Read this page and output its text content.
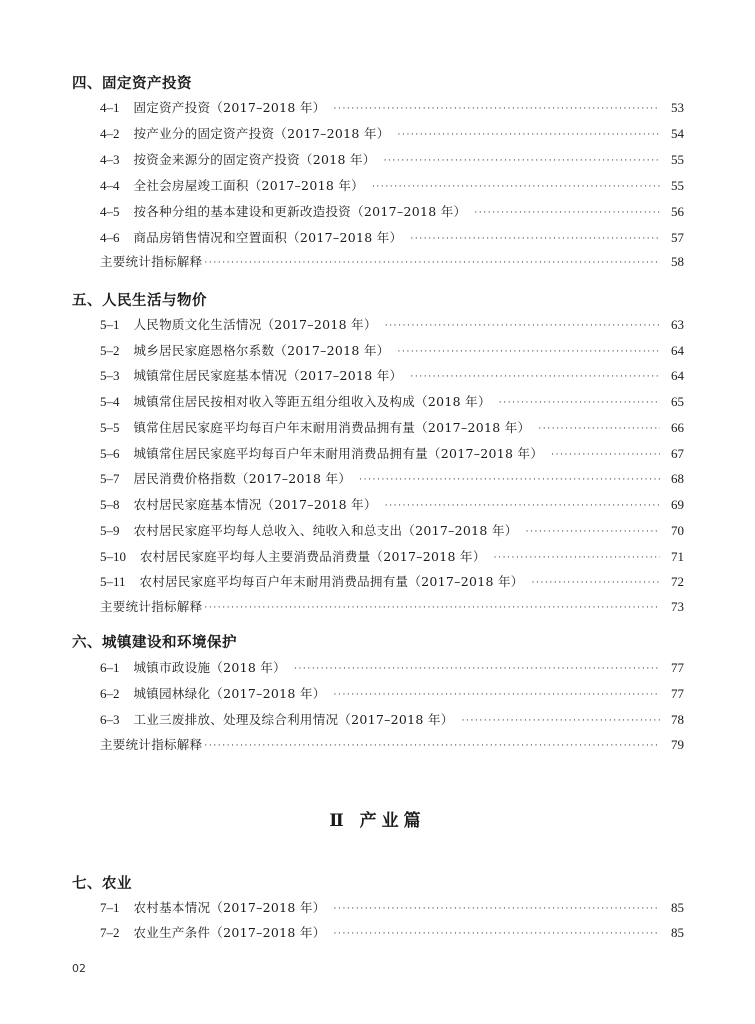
四、固定资产投资
4–1	固定资产投资（2017–2018 年） ·····	53
4–2	按产业分的固定资产投资（2017–2018 年） ·····	54
4–3	按资金来源分的固定资产投资（2018 年） ·····	55
4–4	全社会房屋竣工面积（2017–2018 年） ·····	55
4–5	按各种分组的基本建设和更新改造投资（2017–2018 年） ·····	56
4–6	商品房销售情况和空置面积（2017–2018 年） ·····	57
主要统计指标解释 ·····	58
五、人民生活与物价
5–1	人民物质文化生活情况（2017–2018 年） ·····	63
5–2	城乡居民家庭恩格尔系数（2017–2018 年） ·····	64
5–3	城镇常住居民家庭基本情况（2017–2018 年） ·····	64
5–4	城镇常住居民按相对收入等距五组分组收入及构成（2018 年） ·····	65
5–5	镇常住居民家庭平均每百户年末耐用消费品拥有量（2017–2018 年） ·····	66
5–6	城镇常住居民家庭平均每百户年末耐用消费品拥有量（2017–2018 年） ·····	67
5–7	居民消费价格指数（2017–2018 年） ·····	68
5–8	农村居民家庭基本情况（2017–2018 年） ·····	69
5–9	农村居民家庭平均每人总收入、纯收入和总支出（2017–2018 年） ·····	70
5–10	农村居民家庭平均每人主要消费品消费量（2017–2018 年） ·····	71
5–11	农村居民家庭平均每百户年末耐用消费品拥有量（2017–2018 年） ·····	72
主要统计指标解释 ·····	73
六、城镇建设和环境保护
6–1	城镇市政设施（2018 年） ·····	77
6–2	城镇园林绿化（2017–2018 年） ·····	77
6–3	工业三废排放、处理及综合利用情况（2017–2018 年） ·····	78
主要统计指标解释 ·····	79
Ⅱ 产业篇
七、农业
7–1	农村基本情况（2017–2018 年） ·····	85
7–2	农业生产条件（2017–2018 年） ·····	85
02
